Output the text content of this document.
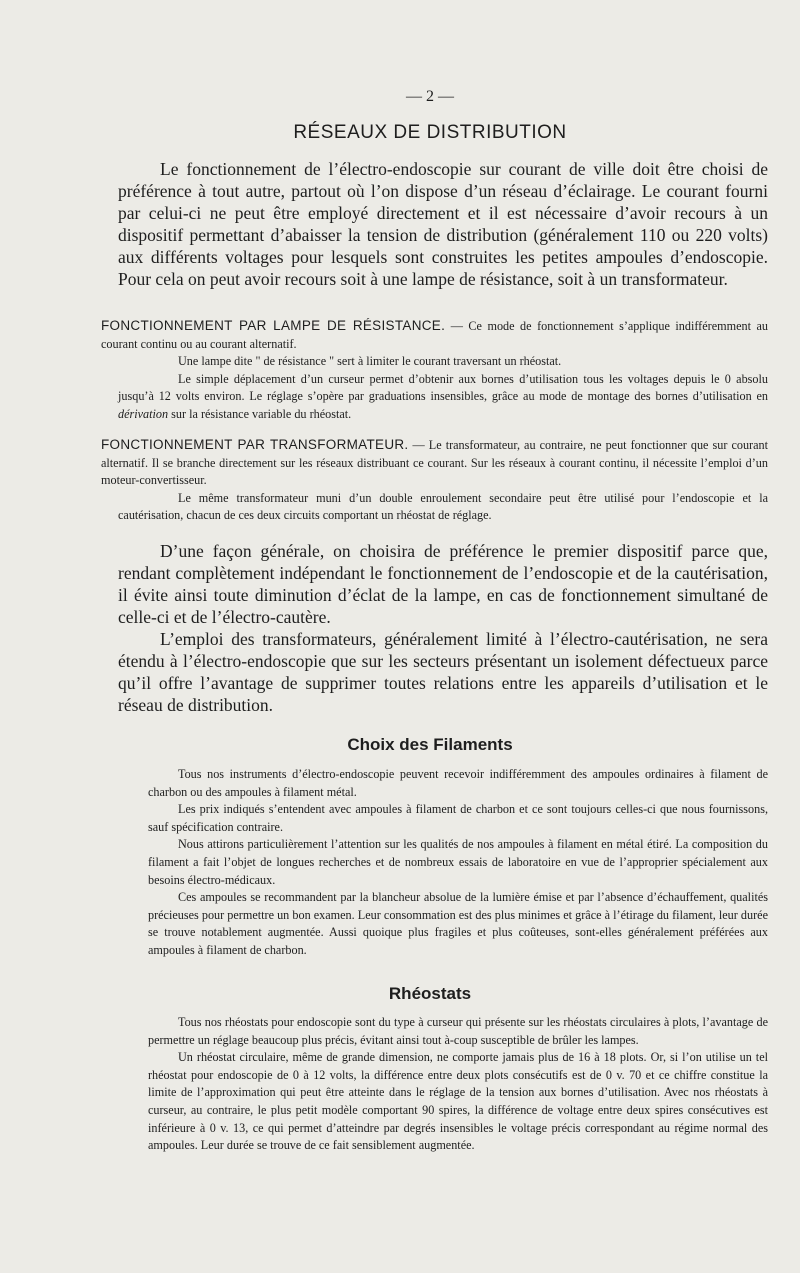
— 2 —
RÉSEAUX DE DISTRIBUTION

Le fonctionnement de l’électro-endoscopie sur courant de ville doit être choisi de préférence à tout autre, partout où l’on dispose d’un réseau d’éclairage. Le courant fourni par celui-ci ne peut être employé directement et il est nécessaire d’avoir recours à un dispositif permettant d’abaisser la tension de distribution (généralement 110 ou 220 volts) aux différents voltages pour lesquels sont construites les petites ampoules d’endoscopie. Pour cela on peut avoir recours soit à une lampe de résistance, soit à un transformateur.

FONCTIONNEMENT PAR LAMPE DE RÉSISTANCE. — Ce mode de fonctionnement s’applique indifféremment au courant continu ou au courant alternatif.

Une lampe dite " de résistance " sert à limiter le courant traversant un rhéostat.

Le simple déplacement d’un curseur permet d’obtenir aux bornes d’utilisation tous les voltages depuis le 0 absolu jusqu’à 12 volts environ. Le réglage s’opère par graduations insensibles, grâce au mode de montage des bornes d’utilisation en dérivation sur la résistance variable du rhéostat.

FONCTIONNEMENT PAR TRANSFORMATEUR. — Le transformateur, au contraire, ne peut fonctionner que sur courant alternatif. Il se branche directement sur les réseaux distribuant ce courant. Sur les réseaux à courant continu, il nécessite l’emploi d’un moteur-convertisseur.

Le même transformateur muni d’un double enroulement secondaire peut être utilisé pour l’endoscopie et la cautérisation, chacun de ces deux circuits comportant un rhéostat de réglage.

D’une façon générale, on choisira de préférence le premier dispositif parce que, rendant complètement indépendant le fonctionnement de l’endoscopie et de la cautérisation, il évite ainsi toute diminution d’éclat de la lampe, en cas de fonctionnement simultané de celle-ci et de l’électro-cautère.

L’emploi des transformateurs, généralement limité à l’électro-cautérisation, ne sera étendu à l’électro-endoscopie que sur les secteurs présentant un isolement défectueux parce qu’il offre l’avantage de supprimer toutes relations entre les appareils d’utilisation et le réseau de distribution.

Choix des Filaments

Tous nos instruments d’électro-endoscopie peuvent recevoir indifféremment des ampoules ordinaires à filament de charbon ou des ampoules à filament métal.

Les prix indiqués s’entendent avec ampoules à filament de charbon et ce sont toujours celles-ci que nous fournissons, sauf spécification contraire.

Nous attirons particulièrement l’attention sur les qualités de nos ampoules à filament en métal étiré. La composition du filament a fait l’objet de longues recherches et de nombreux essais de laboratoire en vue de l’approprier spécialement aux besoins électro-médicaux.

Ces ampoules se recommandent par la blancheur absolue de la lumière émise et par l’absence d’échauffement, qualités précieuses pour permettre un bon examen. Leur consommation est des plus minimes et grâce à l’étirage du filament, leur durée se trouve notablement augmentée. Aussi quoique plus fragiles et plus coûteuses, sont-elles généralement préférées aux ampoules à filament de charbon.

Rhéostats

Tous nos rhéostats pour endoscopie sont du type à curseur qui présente sur les rhéostats circulaires à plots, l’avantage de permettre un réglage beaucoup plus précis, évitant ainsi tout à-coup susceptible de brûler les lampes.

Un rhéostat circulaire, même de grande dimension, ne comporte jamais plus de 16 à 18 plots. Or, si l’on utilise un tel rhéostat pour endoscopie de 0 à 12 volts, la différence entre deux plots consécutifs est de 0 v. 70 et ce chiffre constitue la limite de l’approximation qui peut être atteinte dans le réglage de la tension aux bornes d’utilisation. Avec nos rhéostats à curseur, au contraire, le plus petit modèle comportant 90 spires, la différence de voltage entre deux spires consécutives est inférieure à 0 v. 13, ce qui permet d’atteindre par degrés insensibles le voltage précis correspondant au régime normal des ampoules. Leur durée se trouve de ce fait sensiblement augmentée.
